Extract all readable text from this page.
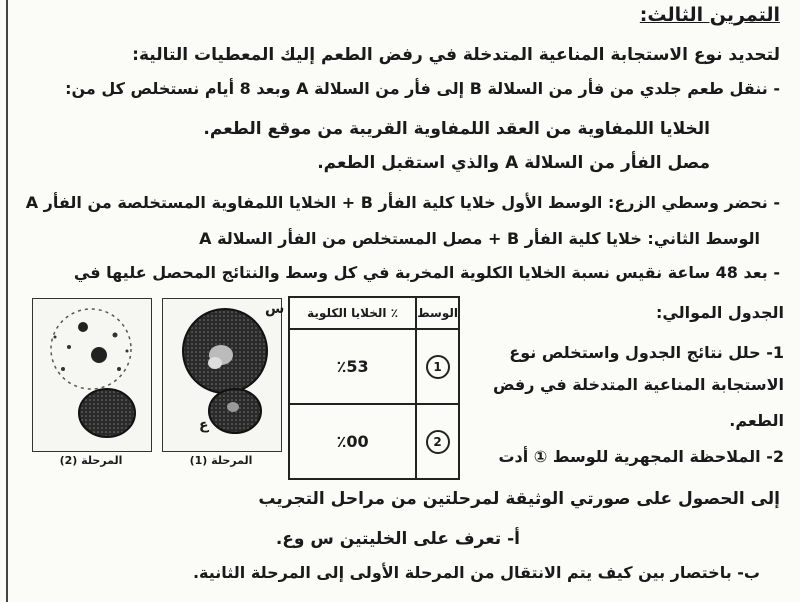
التمرين الثالث:
لتحديد نوع الاستجابة المناعية المتدخلة في رفض الطعم إليك المعطيات التالية:
- ننقل طعم جلدي من فأر من السلالة B إلى فأر من السلالة A وبعد 8 أيام نستخلص كل من:
الخلايا اللمفاوية من العقد اللمفاوية القريبة من موقع الطعم.
مصل الفأر من السلالة A والذي استقبل الطعم.
- نحضر وسطي الزرع: الوسط الأول خلايا كلية الفأر B + الخلايا اللمفاوية المستخلصة من الفأر A
الوسط الثاني: خلايا كلية الفأر B + مصل المستخلص من الفأر السلالة A
- بعد 48 ساعة نقيس نسبة الخلايا الكلوية المخربة في كل وسط والنتائج المحصل عليها في
الجدول الموالي:
1- حلل نتائج الجدول واستخلص نوع
الاستجابة المناعية المتدخلة في رفض
الطعم.
2- الملاحظة المجهرية للوسط ① أدت
إلى الحصول على صورتي الوثيقة لمرحلتين من مراحل التجريب
أ- تعرف على الخليتين س وع.
ب- باختصار بين كيف يتم الانتقال من المرحلة الأولى إلى المرحلة الثانية.
الوسط	٪ الخلايا الكلوية
1	٪53
2	٪00
س
ع
المرحلة (1)
المرحلة (2)
